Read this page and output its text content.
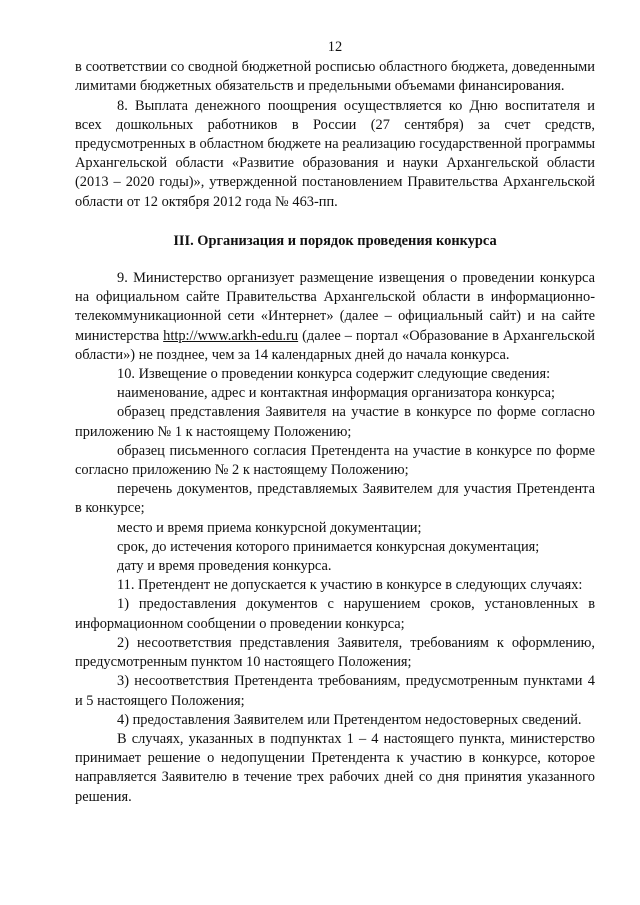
12

в соответствии со сводной бюджетной росписью областного бюджета, доведенными лимитами бюджетных обязательств и предельными объемами финансирования.

8. Выплата денежного поощрения осуществляется ко Дню воспитателя и всех дошкольных работников в России (27 сентября) за счет средств, предусмотренных в областном бюджете на реализацию государственной программы Архангельской области «Развитие образования и науки Архангельской области (2013 – 2020 годы)», утвержденной постановлением Правительства Архангельской области от 12 октября 2012 года № 463-пп.

III. Организация и порядок проведения конкурса

9. Министерство организует размещение извещения о проведении конкурса на официальном сайте Правительства Архангельской области в информационно-телекоммуникационной сети «Интернет» (далее – официальный сайт) и на сайте министерства http://www.arkh-edu.ru (далее – портал «Образование в Архангельской области») не позднее, чем за 14 календарных дней до начала конкурса.

10. Извещение о проведении конкурса содержит следующие сведения:

наименование, адрес и контактная информация организатора конкурса;

образец представления Заявителя на участие в конкурсе по форме согласно приложению № 1 к настоящему Положению;

образец письменного согласия Претендента на участие в конкурсе по форме согласно приложению № 2 к настоящему Положению;

перечень документов, представляемых Заявителем для участия Претендента в конкурсе;

место и время приема конкурсной документации;

срок, до истечения которого принимается конкурсная документация;

дату и время проведения конкурса.

11. Претендент не допускается к участию в конкурсе в следующих случаях:

1) предоставления документов с нарушением сроков, установленных в информационном сообщении о проведении конкурса;

2) несоответствия представления Заявителя, требованиям к оформлению, предусмотренным пунктом 10 настоящего Положения;

3) несоответствия Претендента требованиям, предусмотренным пунктами 4 и 5 настоящего Положения;

4) предоставления Заявителем или Претендентом недостоверных сведений.

В случаях, указанных в подпунктах 1 – 4 настоящего пункта, министерство принимает решение о недопущении Претендента к участию в конкурсе, которое направляется Заявителю в течение трех рабочих дней со дня принятия указанного решения.
